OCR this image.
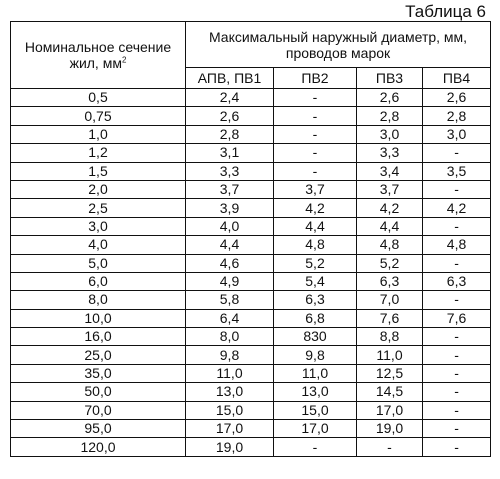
Таблица 6
Номинальное сечение жил, $мм^2$	Максимальный наружный диаметр, мм, проводов марок			
	АПВ, ПВ1	ПВ2	ПВ3	ПВ4
0,5	2,4	-	2,6	2,6
0,75	2,6	-	2,8	2,8
1,0	2,8	-	3,0	3,0
1,2	3,1	-	3,3	-
1,5	3,3	-	3,4	3,5
2,0	3,7	3,7	3,7	-
2,5	3,9	4,2	4,2	4,2
3,0	4,0	4,4	4,4	-
4,0	4,4	4,8	4,8	4,8
5,0	4,6	5,2	5,2	-
6,0	4,9	5,4	6,3	6,3
8,0	5,8	6,3	7,0	-
10,0	6,4	6,8	7,6	7,6
16,0	8,0	830	8,8	-
25,0	9,8	9,8	11,0	-
35,0	11,0	11,0	12,5	-
50,0	13,0	13,0	14,5	-
70,0	15,0	15,0	17,0	-
95,0	17,0	17,0	19,0	-
120,0	19,0	-	-	-
